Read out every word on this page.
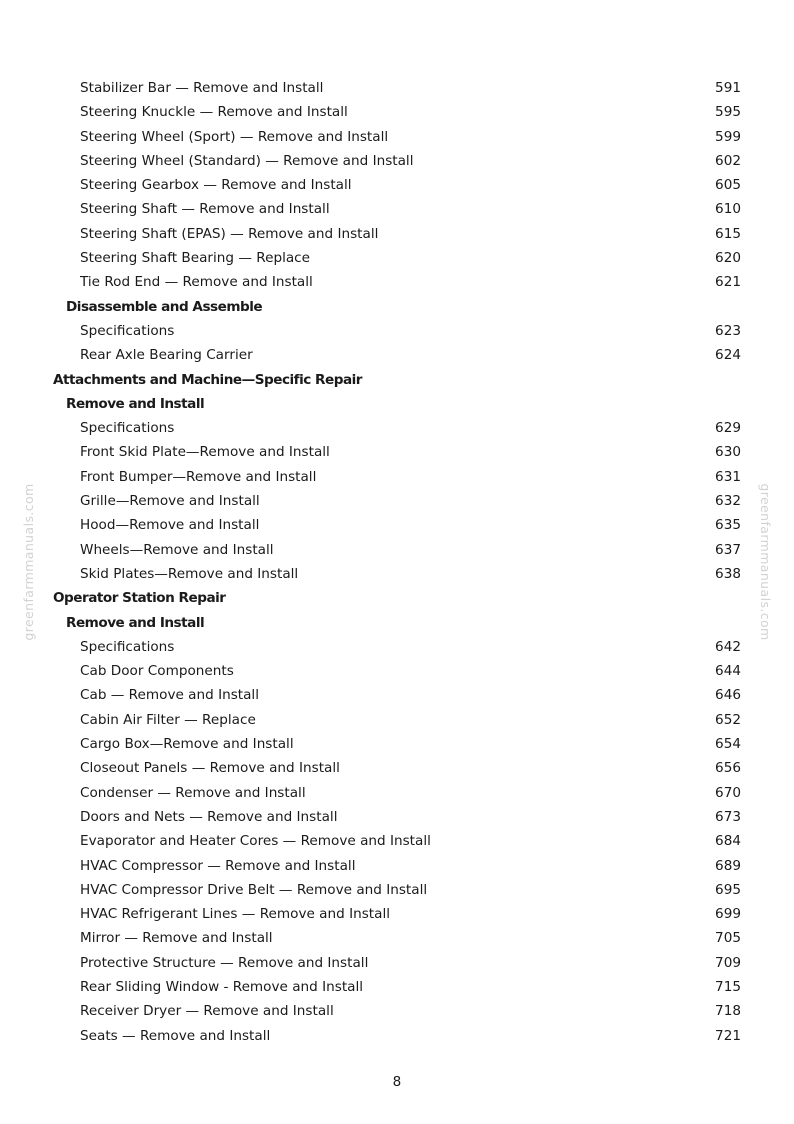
greenfarmmanuals.com	greenfarmmanuals.com
Stabilizer Bar — Remove and Install	591
Steering Knuckle — Remove and Install	595
Steering Wheel (Sport) — Remove and Install	599
Steering Wheel (Standard) — Remove and Install	602
Steering Gearbox — Remove and Install	605
Steering Shaft — Remove and Install	610
Steering Shaft (EPAS) — Remove and Install	615
Steering Shaft Bearing — Replace	620
Tie Rod End — Remove and Install	621
Disassemble and Assemble
Specifications	623
Rear Axle Bearing Carrier	624
Attachments and Machine—Specific Repair
Remove and Install
Specifications	629
Front Skid Plate—Remove and Install	630
Front Bumper—Remove and Install	631
Grille—Remove and Install	632
Hood—Remove and Install	635
Wheels—Remove and Install	637
Skid Plates—Remove and Install	638
Operator Station Repair
Remove and Install
Specifications	642
Cab Door Components	644
Cab — Remove and Install	646
Cabin Air Filter — Replace	652
Cargo Box—Remove and Install	654
Closeout Panels — Remove and Install	656
Condenser — Remove and Install	670
Doors and Nets — Remove and Install	673
Evaporator and Heater Cores — Remove and Install	684
HVAC Compressor — Remove and Install	689
HVAC Compressor Drive Belt — Remove and Install	695
HVAC Refrigerant Lines — Remove and Install	699
Mirror — Remove and Install	705
Protective Structure — Remove and Install	709
Rear Sliding Window - Remove and Install	715
Receiver Dryer — Remove and Install	718
Seats — Remove and Install	721
8
